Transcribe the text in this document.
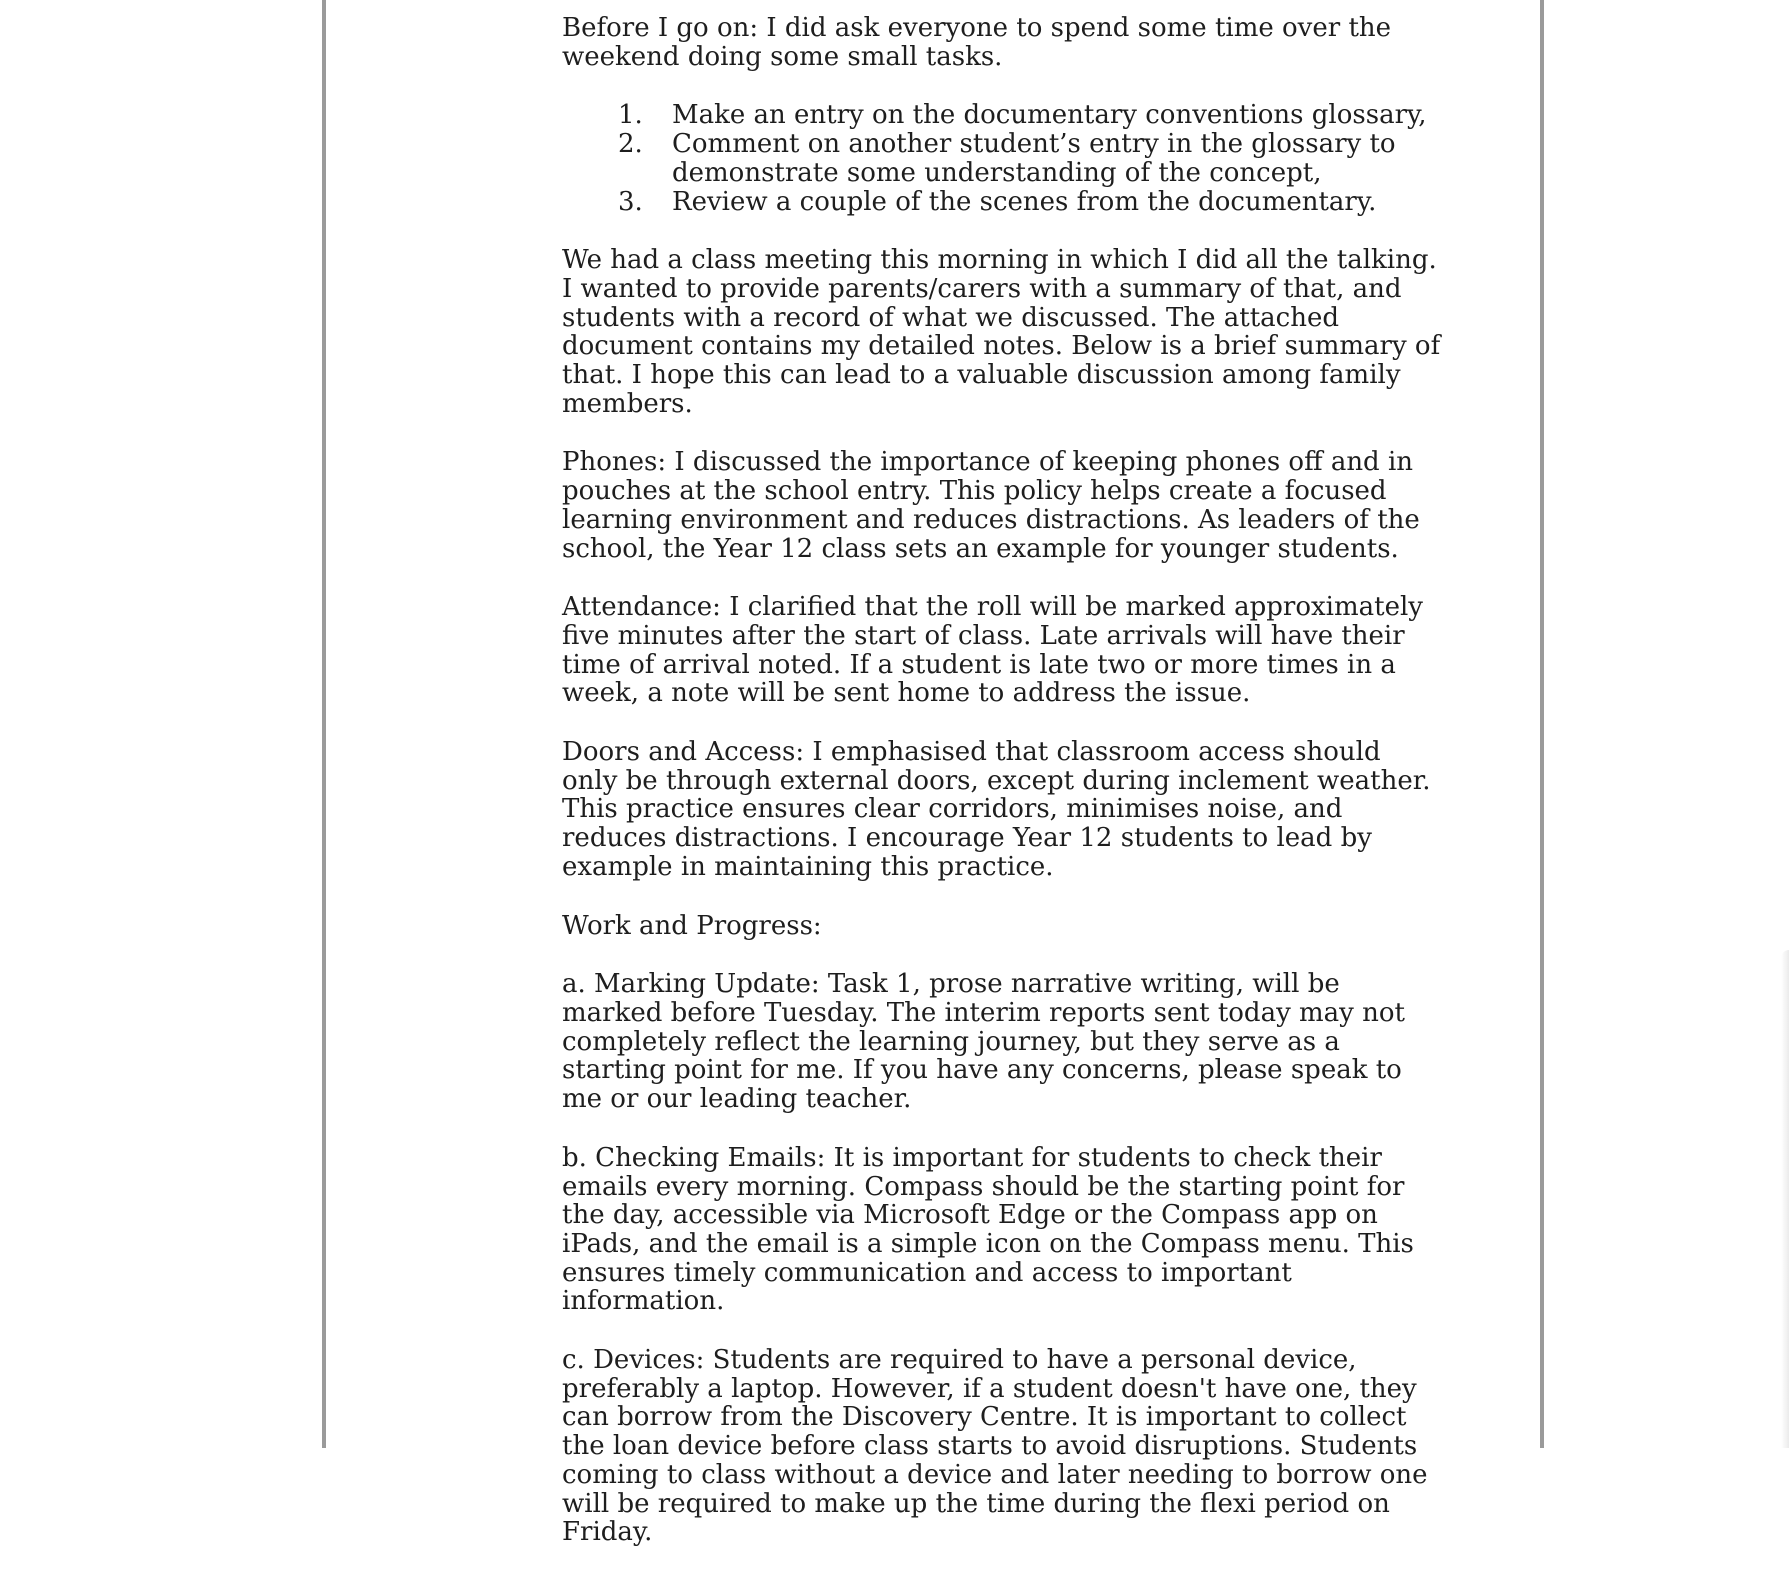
Before I go on: I did ask everyone to spend some time over the weekend doing some small tasks.

1. Make an entry on the documentary conventions glossary,
2. Comment on another student’s entry in the glossary to demonstrate some understanding of the concept,
3. Review a couple of the scenes from the documentary.

We had a class meeting this morning in which I did all the talking. I wanted to provide parents/carers with a summary of that, and students with a record of what we discussed. The attached document contains my detailed notes. Below is a brief summary of that. I hope this can lead to a valuable discussion among family members.

Phones: I discussed the importance of keeping phones off and in pouches at the school entry. This policy helps create a focused learning environment and reduces distractions. As leaders of the school, the Year 12 class sets an example for younger students.

Attendance: I clarified that the roll will be marked approximately five minutes after the start of class. Late arrivals will have their time of arrival noted. If a student is late two or more times in a week, a note will be sent home to address the issue.

Doors and Access: I emphasised that classroom access should only be through external doors, except during inclement weather. This practice ensures clear corridors, minimises noise, and reduces distractions. I encourage Year 12 students to lead by example in maintaining this practice.

Work and Progress:

a. Marking Update: Task 1, prose narrative writing, will be marked before Tuesday. The interim reports sent today may not completely reflect the learning journey, but they serve as a starting point for me. If you have any concerns, please speak to me or our leading teacher.

b. Checking Emails: It is important for students to check their emails every morning. Compass should be the starting point for the day, accessible via Microsoft Edge or the Compass app on iPads, and the email is a simple icon on the Compass menu. This ensures timely communication and access to important information.

c. Devices: Students are required to have a personal device, preferably a laptop. However, if a student doesn't have one, they can borrow from the Discovery Centre. It is important to collect the loan device before class starts to avoid disruptions. Students coming to class without a device and later needing to borrow one will be required to make up the time during the flexi period on Friday.
